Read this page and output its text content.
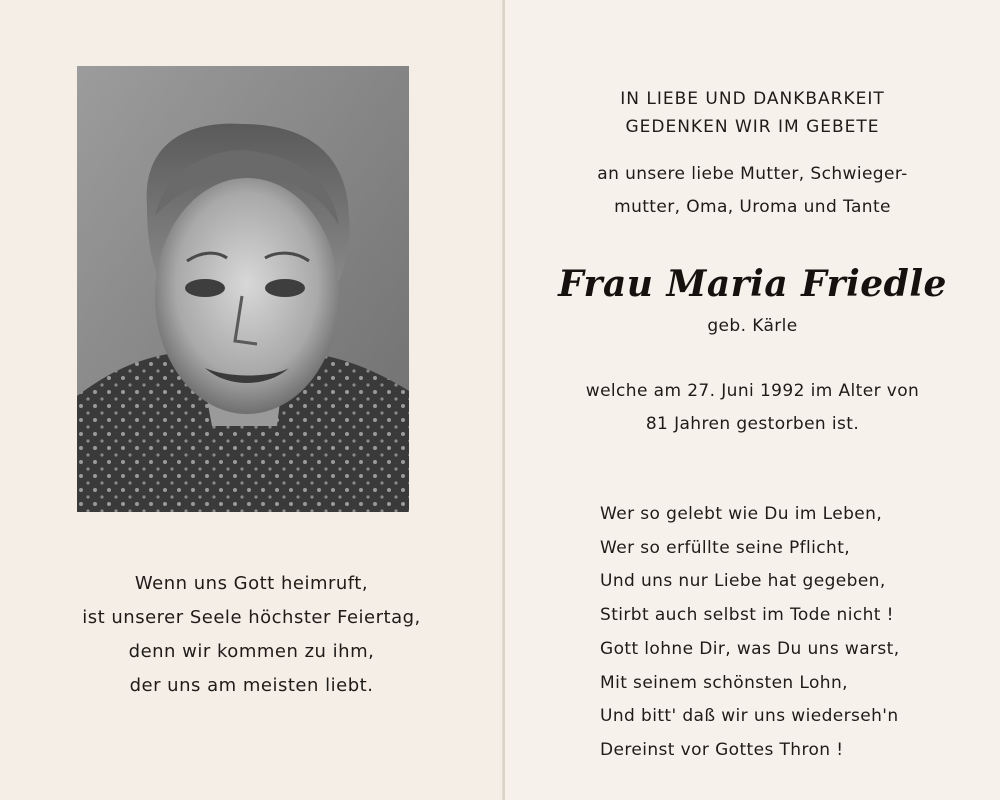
Wenn uns Gott heimruft,
ist unserer Seele höchster Feiertag,
denn wir kommen zu ihm,
der uns am meisten liebt.
IN LIEBE UND DANKBARKEIT
GEDENKEN WIR IM GEBETE
an unsere liebe Mutter, Schwieger-
mutter, Oma, Uroma und Tante
Frau Maria Friedle
geb. Kärle
welche am 27. Juni 1992 im Alter von
81 Jahren gestorben ist.
Wer so gelebt wie Du im Leben,
Wer so erfüllte seine Pflicht,
Und uns nur Liebe hat gegeben,
Stirbt auch selbst im Tode nicht !
Gott lohne Dir, was Du uns warst,
Mit seinem schönsten Lohn,
Und bitt' daß wir uns wiederseh'n
Dereinst vor Gottes Thron !
